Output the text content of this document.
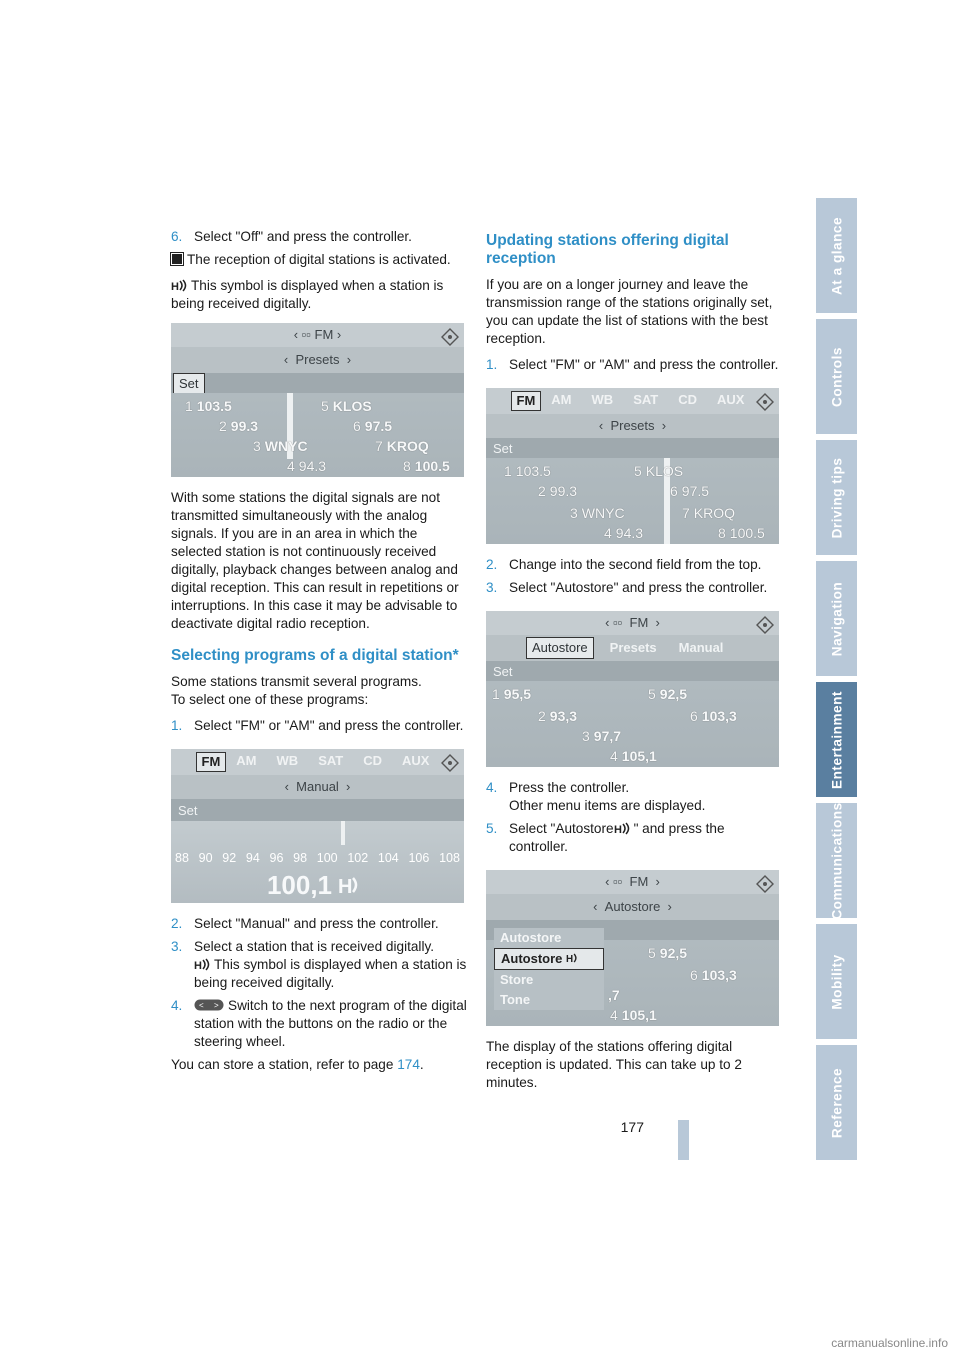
6. Select "Off" and press the controller.

The reception of digital stations is activated.

H This symbol is displayed when a station is being received digitally.

‹ ▫▫
FM
›
‹ Presets ›
Set
1 103.5	5 KLOS
2 99.3	6 97.5
3 WNYC	7 KROQ
4 94.3	8 100.5

With some stations the digital signals are not transmitted simultaneously with the analog signals. If you are in an area in which the selected station is not continuously received digitally, playback changes between analog and digital reception. This can result in repetitions or interruptions. In this case it may be advisable to deactivate digital radio reception.

Selecting programs of a digital station*

Some stations transmit several programs.

To select one of these programs:

1. Select "FM" or "AM" and press the controller.
FM	AM	WB	SAT	CD	AUX
‹ Manual ›
Set
88 90 92 94 96 98 100 102 104 106 108
100,1 H
2. Select "Manual" and press the controller.
3. Select a station that is received digitally.
H This symbol is displayed when a station is being received digitally.
4.	< > Switch to the next program of the digital station with the buttons on the radio or the steering wheel.

You can store a station, refer to page 174.

Updating stations offering digital reception

If you are on a longer journey and leave the transmission range of the stations originally set, you can update the list of stations with the best reception.

1. Select "FM" or "AM" and press the controller.
FM	AM	WB	SAT	CD	AUX
‹ Presets ›
Set
1 103.5	5 KLOS
2 99.3	6 97.5
3 WNYC	7 KROQ
4 94.3	8 100.5
2. Change into the second field from the top.
3. Select "Autostore" and press the controller.
‹ ▫▫ FM ›
Autostore	Presets Manual
Set
1 95,5	5 92,5
2 93,3	6 103,3
3 97,7
4 105,1
4. Press the controller.
Other menu items are displayed.
5. Select "Autostore H " and press the controller.
‹ ▫▫ FM ›
‹ Autostore ›
Autostore
Autostore H
Store
Tone
5 92,5
6 103,3
,7
4 105,1

The display of the stations offering digital reception is updated. This can take up to 2 minutes.

At a glance
Controls
Driving tips
Navigation
Entertainment
Communications
Mobility
Reference
177
carmanualsonline.info
